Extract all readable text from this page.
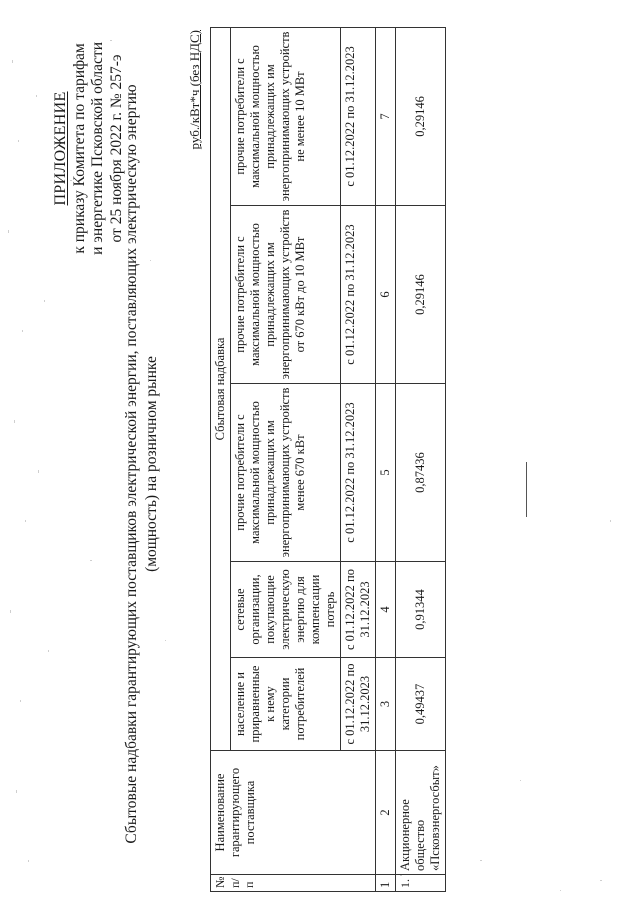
ПРИЛОЖЕНИЕ к приказу Комитета по тарифам и энергетике Псковской области от 25 ноября 2022 г. № 257-э
Сбытовые надбавки гарантирующих поставщиков электрической энергии, поставляющих электрическую энергию (мощность) на розничном рынке
руб./кВт*ч (без НДС)
№ п/п	Наименование гарантирующего поставщика	Сбытовая надбавка				
		население и приравненные к нему категории потребителей	сетевые организации, покупающие электрическую энергию для компенсации потерь	прочие потребители с максимальной мощностью принадлежащих им энергопринимающих устройств менее 670 кВт	прочие потребители с максимальной мощностью принадлежащих им энергопринимающих устройств от 670 кВт до 10 МВт	прочие потребители с максимальной мощностью принадлежащих им энергопринимающих устройств не менее 10 МВт
		с 01.12.2022 по 31.12.2023	с 01.12.2022 по 31.12.2023	с 01.12.2022 по 31.12.2023	с 01.12.2022 по 31.12.2023	с 01.12.2022 по 31.12.2023
1	2	3	4	5	6	7
1.	Акционерное общество «Псковэнергосбыт»	0,49437	0,91344	0,87436	0,29146	0,29146
